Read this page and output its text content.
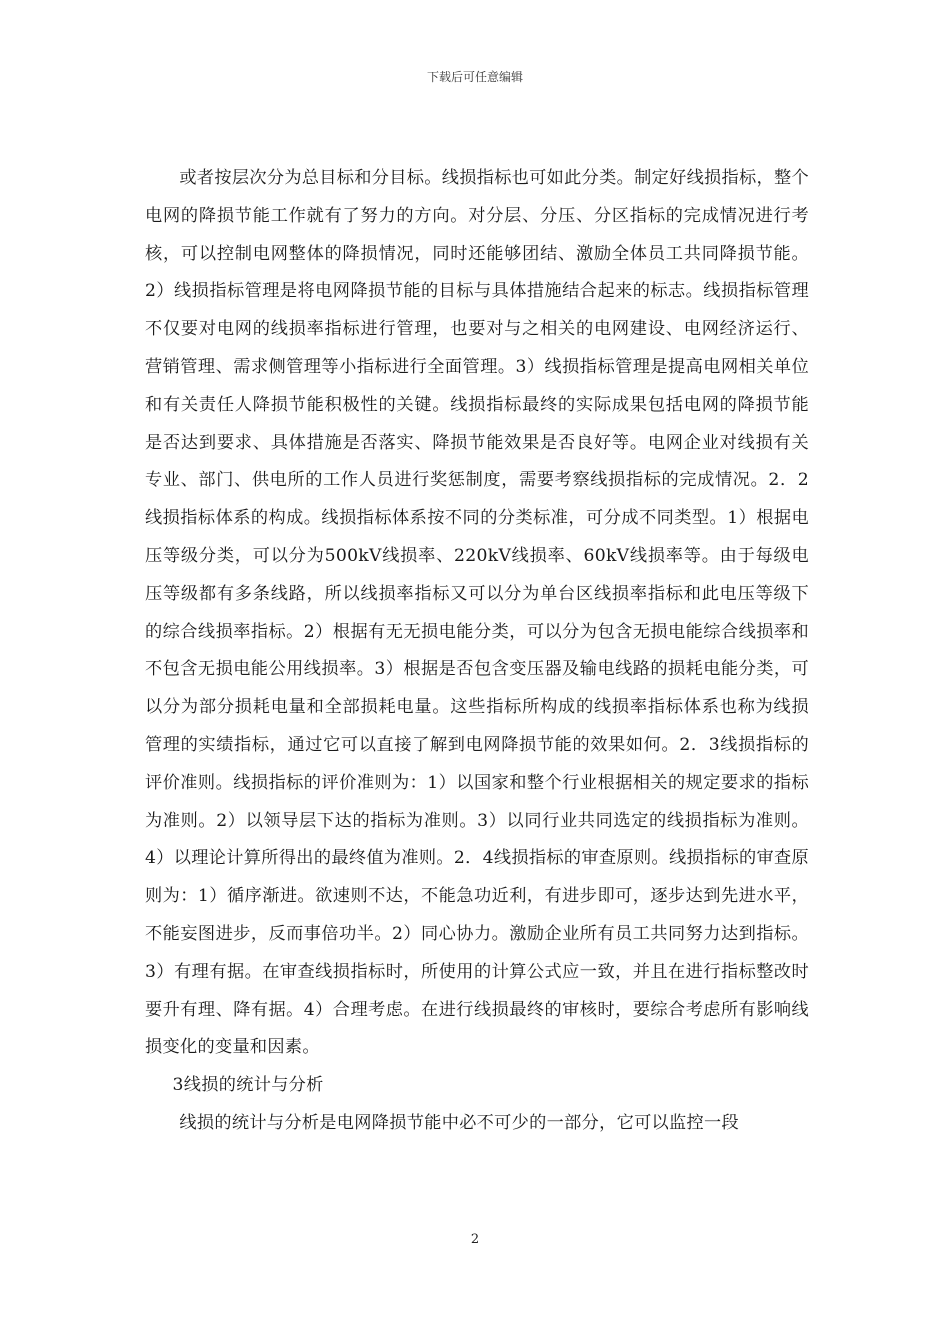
下载后可任意编辑

或者按层次分为总目标和分目标。线损指标也可如此分类。制定好线损指标，整个电网的降损节能工作就有了努力的方向。对分层、分压、分区指标的完成情况进行考核，可以控制电网整体的降损情况，同时还能够团结、激励全体员工共同降损节能。2）线损指标管理是将电网降损节能的目标与具体措施结合起来的标志。线损指标管理不仅要对电网的线损率指标进行管理，也要对与之相关的电网建设、电网经济运行、营销管理、需求侧管理等小指标进行全面管理。3）线损指标管理是提高电网相关单位和有关责任人降损节能积极性的关键。线损指标最终的实际成果包括电网的降损节能是否达到要求、具体措施是否落实、降损节能效果是否良好等。电网企业对线损有关专业、部门、供电所的工作人员进行奖惩制度，需要考察线损指标的完成情况。2．2线损指标体系的构成。线损指标体系按不同的分类标准，可分成不同类型。1）根据电压等级分类，可以分为500kV线损率、220kV线损率、60kV线损率等。由于每级电压等级都有多条线路，所以线损率指标又可以分为单台区线损率指标和此电压等级下的综合线损率指标。2）根据有无无损电能分类，可以分为包含无损电能综合线损率和不包含无损电能公用线损率。3）根据是否包含变压器及输电线路的损耗电能分类，可以分为部分损耗电量和全部损耗电量。这些指标所构成的线损率指标体系也称为线损管理的实绩指标，通过它可以直接了解到电网降损节能的效果如何。2．3线损指标的评价准则。线损指标的评价准则为：1）以国家和整个行业根据相关的规定要求的指标为准则。2）以领导层下达的指标为准则。3）以同行业共同选定的线损指标为准则。4）以理论计算所得出的最终值为准则。2．4线损指标的审查原则。线损指标的审查原则为：1）循序渐进。欲速则不达，不能急功近利，有进步即可，逐步达到先进水平，不能妄图进步，反而事倍功半。2）同心协力。激励企业所有员工共同努力达到指标。3）有理有据。在审查线损指标时，所使用的计算公式应一致，并且在进行指标整改时要升有理、降有据。4）合理考虑。在进行线损最终的审核时，要综合考虑所有影响线损变化的变量和因素。

3线损的统计与分析

线损的统计与分析是电网降损节能中必不可少的一部分，它可以监控一段

2
